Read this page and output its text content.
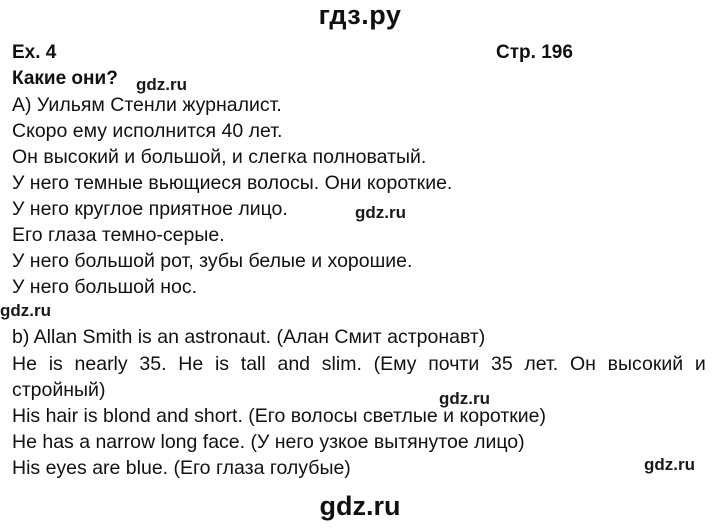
гдз.ру
Ex. 4	Стр. 196
Какие они? gdz.ru
А) Уильям Стенли журналист.
Скоро ему исполнится 40 лет.
Он высокий и большой, и слегка полноватый.
У него темные вьющиеся волосы. Они короткие.
У него круглое приятное лицо.
Его глаза темно-серые.
У него большой рот, зубы белые и хорошие.
У него большой нос.
gdz.ru
gdz.ru
b) Allan Smith is an astronaut. (Алан Смит астронавт)
He is nearly 35. He is tall and slim. (Ему почти 35 лет. Он высокий и
стройный)
His hair is blond and short. (Его волосы светлые и короткие)
He has a narrow long face. (У него узкое вытянутое лицо)
His eyes are blue. (Его глаза голубые)
gdz.ru
gdz.ru
gdz.ru
